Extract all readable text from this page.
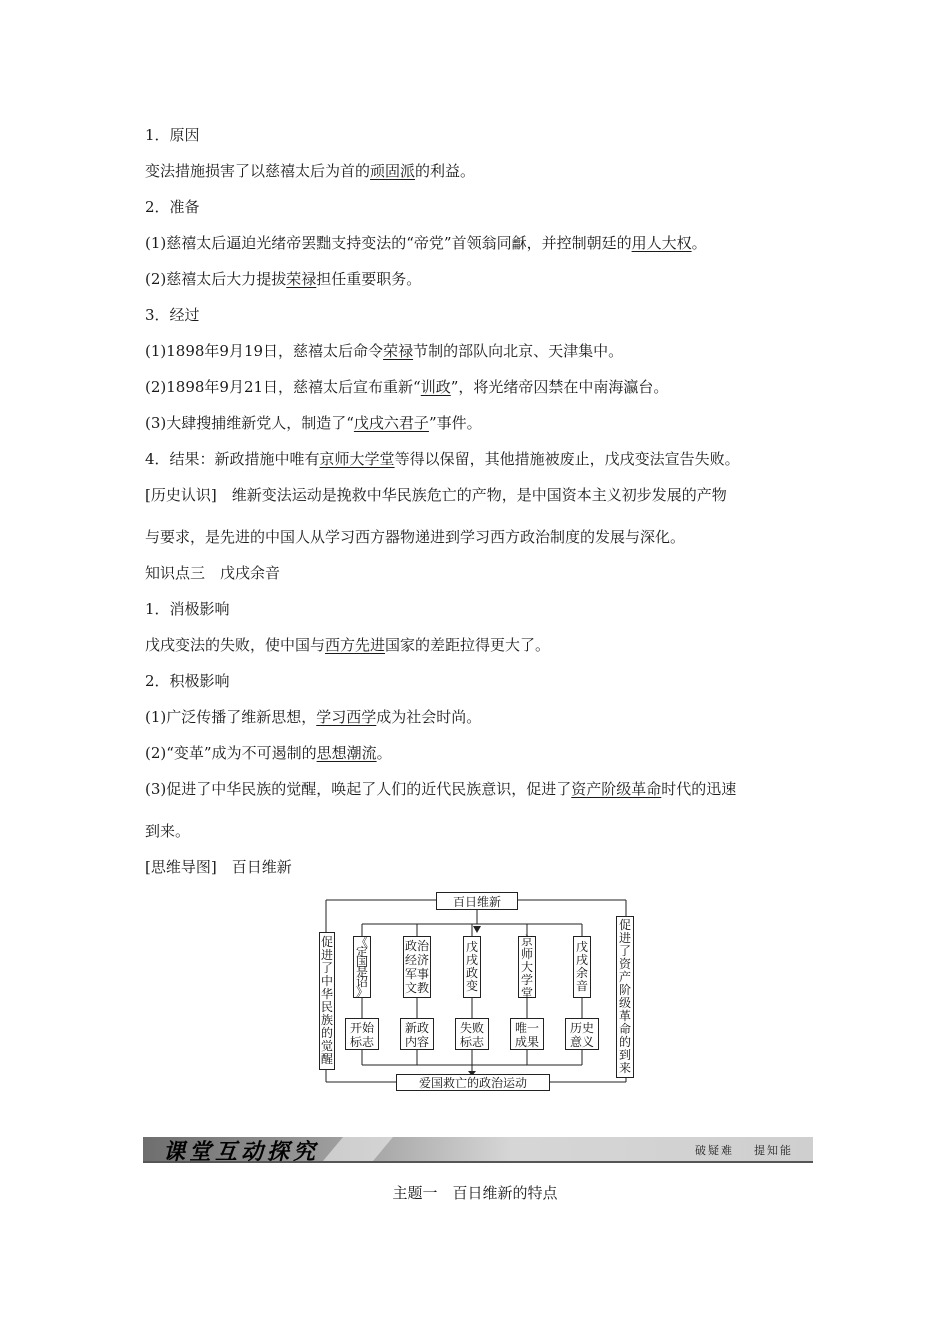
1．原因
变法措施损害了以慈禧太后为首的顽固派的利益。
2．准备
(1)慈禧太后逼迫光绪帝罢黜支持变法的“帝党”首领翁同龢，并控制朝廷的用人大权。
(2)慈禧太后大力提拔荣禄担任重要职务。
3．经过
(1)1898年9月19日，慈禧太后命令荣禄节制的部队向北京、天津集中。
(2)1898年9月21日，慈禧太后宣布重新“训政”，将光绪帝囚禁在中南海瀛台。
(3)大肆搜捕维新党人，制造了“戊戌六君子”事件。
4．结果：新政措施中唯有京师大学堂等得以保留，其他措施被废止，戊戌变法宣告失败。
[历史认识]　维新变法运动是挽救中华民族危亡的产物，是中国资本主义初步发展的产物
与要求，是先进的中国人从学习西方器物递进到学习西方政治制度的发展与深化。
知识点三　戊戌余音
1．消极影响
戊戌变法的失败，使中国与西方先进国家的差距拉得更大了。
2．积极影响
(1)广泛传播了维新思想，学习西学成为社会时尚。
(2)“变革”成为不可遏制的思想潮流。
(3)促进了中华民族的觉醒，唤起了人们的近代民族意识，促进了资产阶级革命时代的迅速
到来。
[思维导图]　百日维新
百日维新
促
进
了
中
华
民
族
的
觉
醒
促
进
了
资
产
阶
级
革
命
的
到
来
爱国救亡的政治运动
《
定
国
是
诏
》
开始
标志
政治
经济
军事
文教
新政
内容
戊
戌
政
变
失败
标志
京
师
大
学
堂
唯一
成果
戊
戌
余
音
历史
意义
课堂互动探究	破疑难 提知能
主题一　百日维新的特点
